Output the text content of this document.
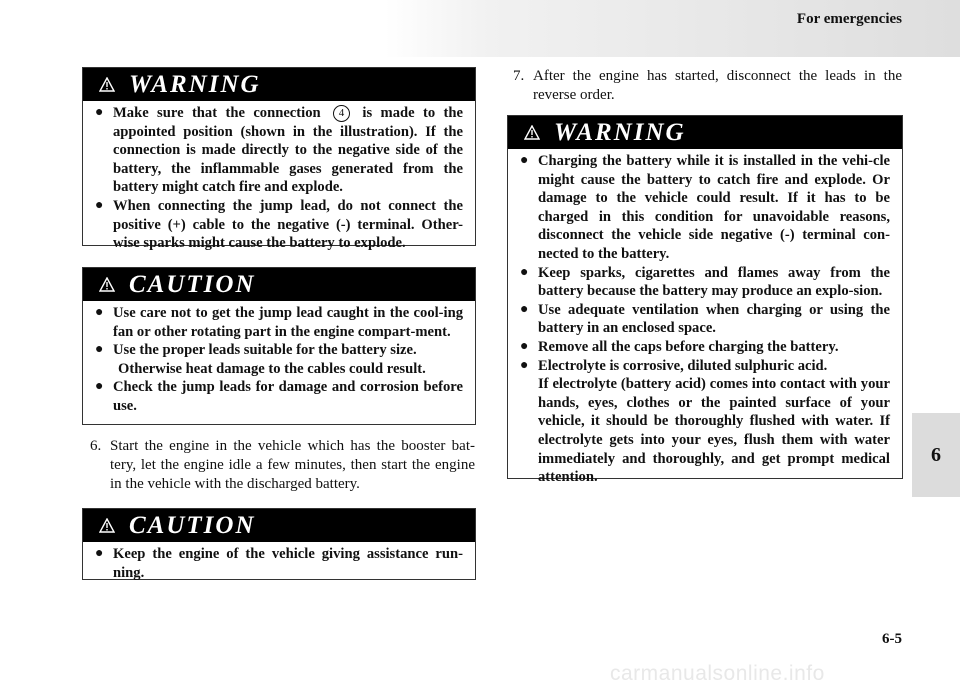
For emergencies
WARNING
● Make sure that the connection 4 is made to the appointed position (shown in the illustration). If the connection is made directly to the negative side of the battery, the inflammable gases generated from the battery might catch fire and explode.
● When connecting the jump lead, do not connect the positive (+) cable to the negative (-) terminal. Other-wise sparks might cause the battery to explode.
CAUTION
● Use care not to get the jump lead caught in the cool-ing fan or other rotating part in the engine compart-ment.
● Use the proper leads suitable for the battery size.
Otherwise heat damage to the cables could result.
● Check the jump leads for damage and corrosion before use.
6. Start the engine in the vehicle which has the booster bat-tery, let the engine idle a few minutes, then start the engine in the vehicle with the discharged battery.
CAUTION
● Keep the engine of the vehicle giving assistance run-ning.
7. After the engine has started, disconnect the leads in the reverse order.
WARNING
● Charging the battery while it is installed in the vehi-cle might cause the battery to catch fire and explode. Or damage to the vehicle could result. If it has to be charged in this condition for unavoidable reasons, disconnect the vehicle side negative (-) terminal con-nected to the battery.
● Keep sparks, cigarettes and flames away from the battery because the battery may produce an explo-sion.
● Use adequate ventilation when charging or using the battery in an enclosed space.
● Remove all the caps before charging the battery.
● Electrolyte is corrosive, diluted sulphuric acid.
If electrolyte (battery acid) comes into contact with your hands, eyes, clothes or the painted surface of your vehicle, it should be thoroughly flushed with water. If electrolyte gets into your eyes, flush them with water immediately and thoroughly, and get prompt medical attention.
6
6-5
carmanualsonline.info
